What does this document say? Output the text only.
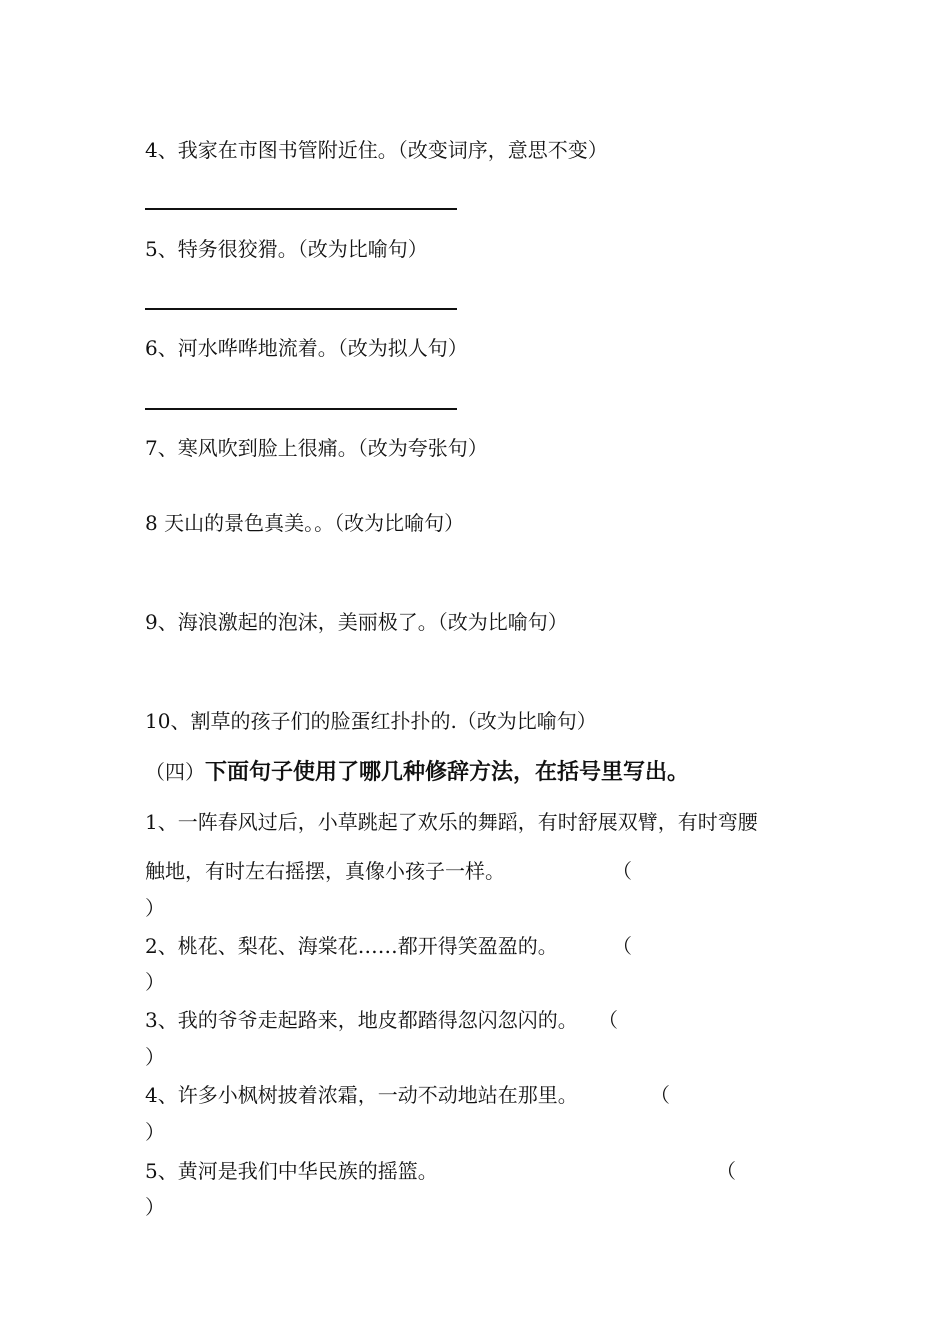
4、我家在市图书管附近住。（改变词序，意思不变）
5、特务很狡猾。（改为比喻句）
6、河水哗哗地流着。（改为拟人句）
7、寒风吹到脸上很痛。（改为夸张句）
8 天山的景色真美。。（改为比喻句）
9、海浪激起的泡沫，美丽极了。（改为比喻句）
10、割草的孩子们的脸蛋红扑扑的.（改为比喻句）
（四）下面句子使用了哪几种修辞方法，在括号里写出。
1、一阵春风过后，小草跳起了欢乐的舞蹈，有时舒展双臂，有时弯腰
触地，有时左右摇摆，真像小孩子一样。	（
）
2、桃花、梨花、海棠花……都开得笑盈盈的。	（
）
3、我的爷爷走起路来，地皮都踏得忽闪忽闪的。 （
）
4、许多小枫树披着浓霜，一动不动地站在那里。	（
）
5、黄河是我们中华民族的摇篮。	（
）
